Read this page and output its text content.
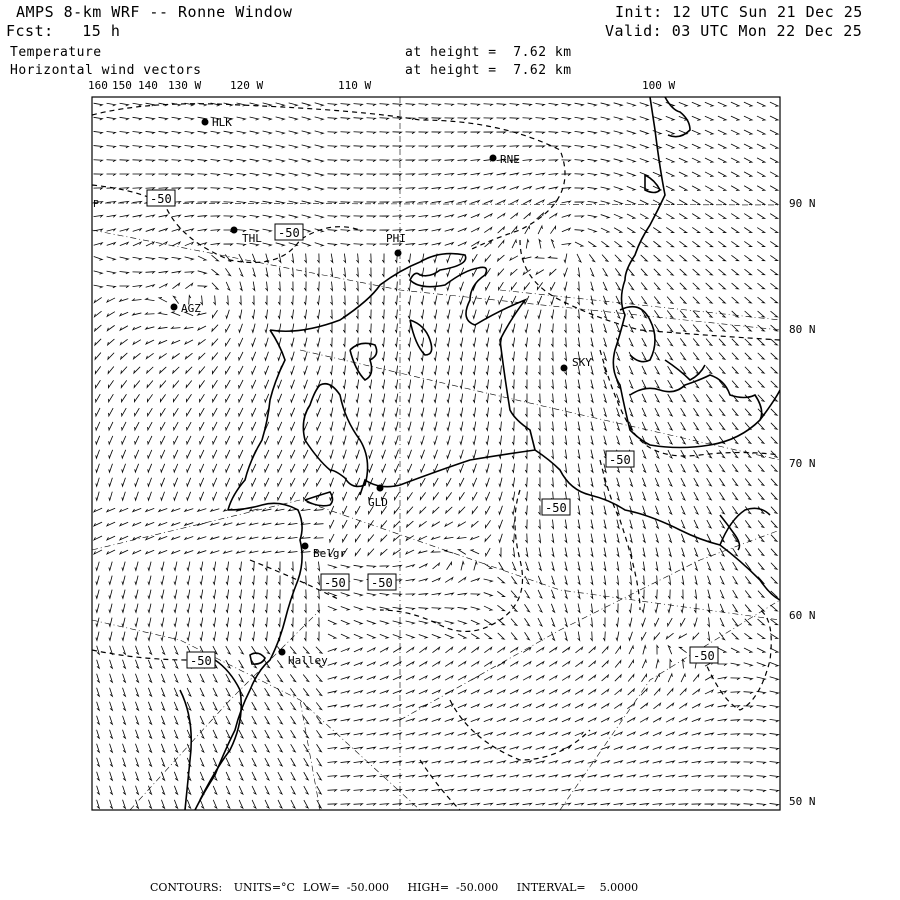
AMPS 8-km WRF -- Ronne Window
Fcst: 15 h
Temperature
Horizontal wind vectors
at height =  7.62 km
at height =  7.62 km
Init: 12 UTC Sun 21 Dec 25
Valid: 03 UTC Mon 22 Dec 25
160 150 140 130 W	120 W	110 W	100 W
90 N
80 N
70 N
60 N
50 N
-50
-50
-50
-50
-50 -50
-50	-50
P
HLK
RNE
THL	PHI
AGZ
SKY
GLD
Belgr
Halley
CONTOURS: UNITS=°C LOW=  -50.000 HIGH=  -50.000 INTERVAL=    5.0000
